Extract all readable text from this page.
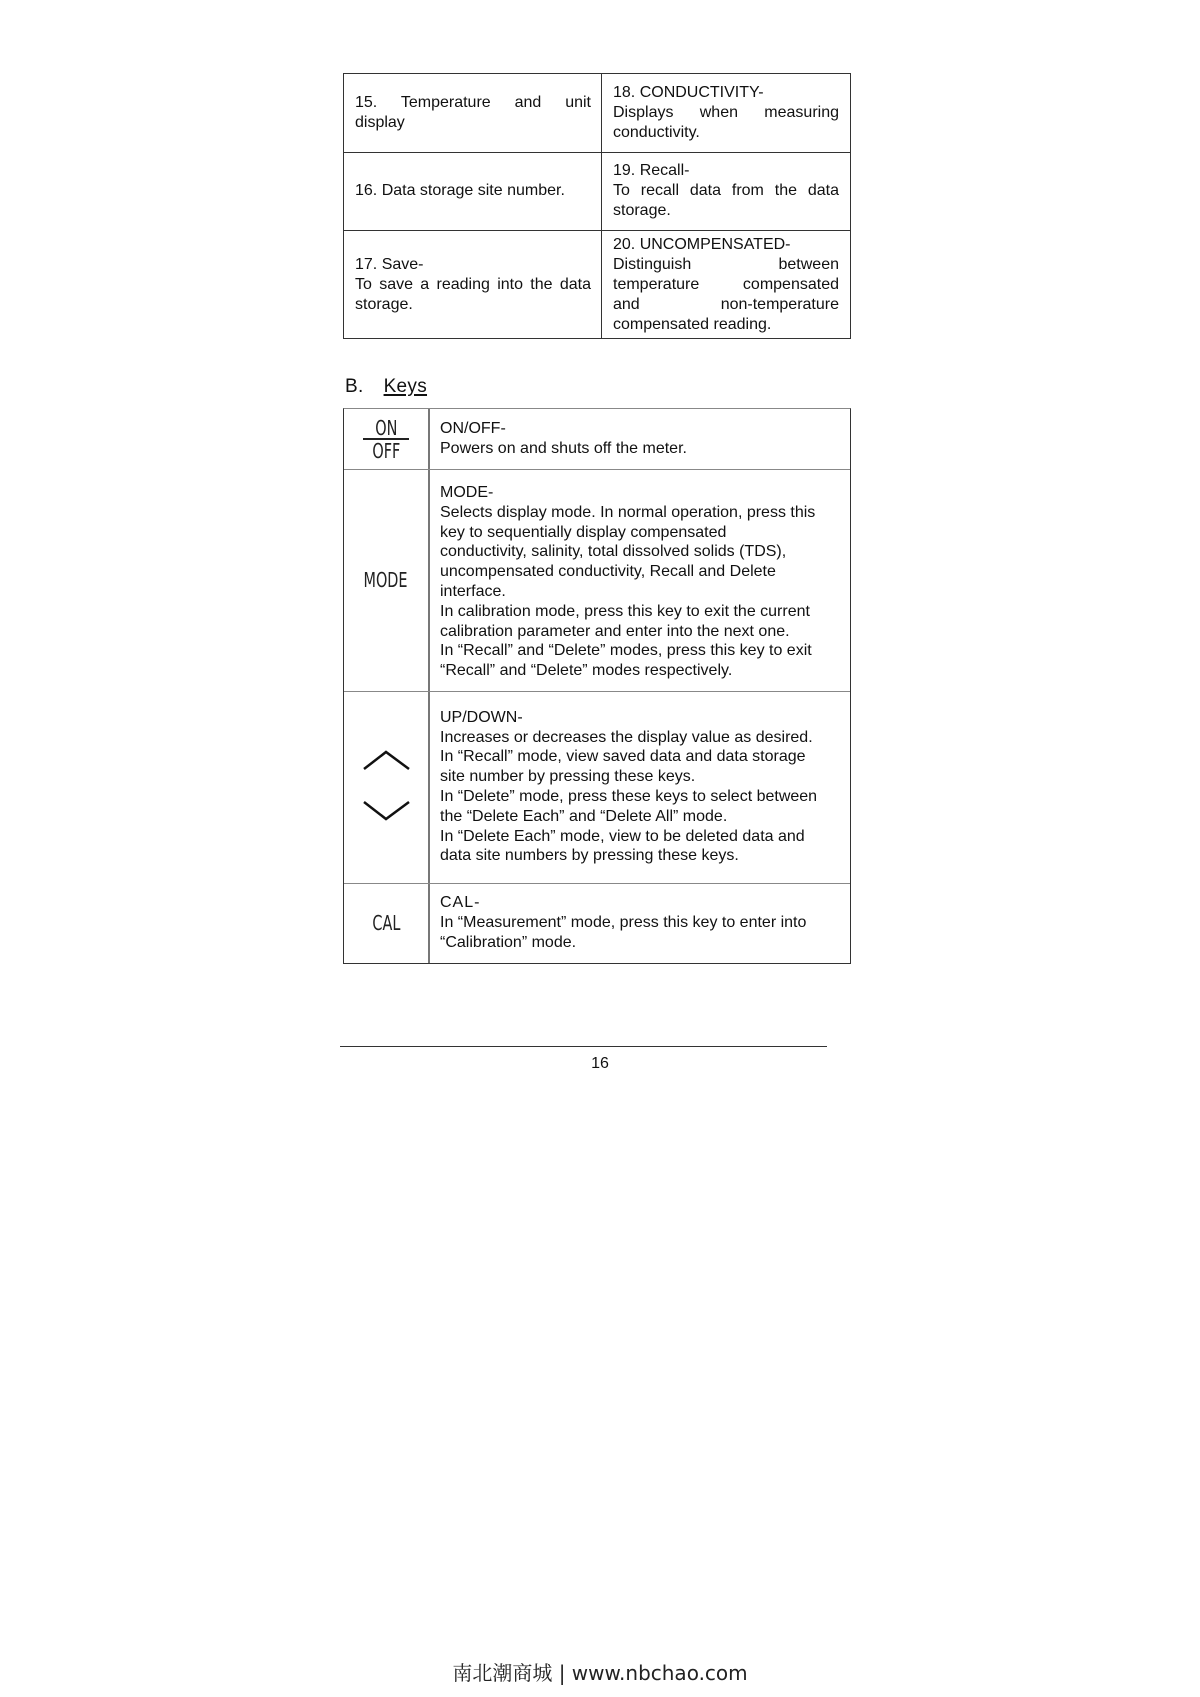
15. Temperature and unit
display
18. CONDUCTIVITY-
Displays when measuring
conductivity.
16. Data storage site number.
19. Recall-
To recall data from the data
storage.
17. Save-
To save a reading into the data
storage.
20. UNCOMPENSATED-
Distinguish between
temperature compensated
and non-temperature
compensated reading.
B. Keys
ON
OFF
ON/OFF-
Powers on and shuts off the meter.
MODE
MODE-
Selects display mode. In normal operation, press this
key to sequentially display compensated
conductivity, salinity, total dissolved solids (TDS),
uncompensated conductivity, Recall and Delete
interface.
In calibration mode, press this key to exit the current
calibration parameter and enter into the next one.
In “Recall” and “Delete” modes, press this key to exit
“Recall” and “Delete” modes respectively.
UP/DOWN-
Increases or decreases the display value as desired.
In “Recall” mode, view saved data and data storage
site number by pressing these keys.
In “Delete” mode, press these keys to select between
the “Delete Each” and “Delete All” mode.
In “Delete Each” mode, view to be deleted data and
data site numbers by pressing these keys.
CAL
CAL-
In “Measurement” mode, press this key to enter into
“Calibration” mode.
16
南北潮商城 | www.nbchao.com
